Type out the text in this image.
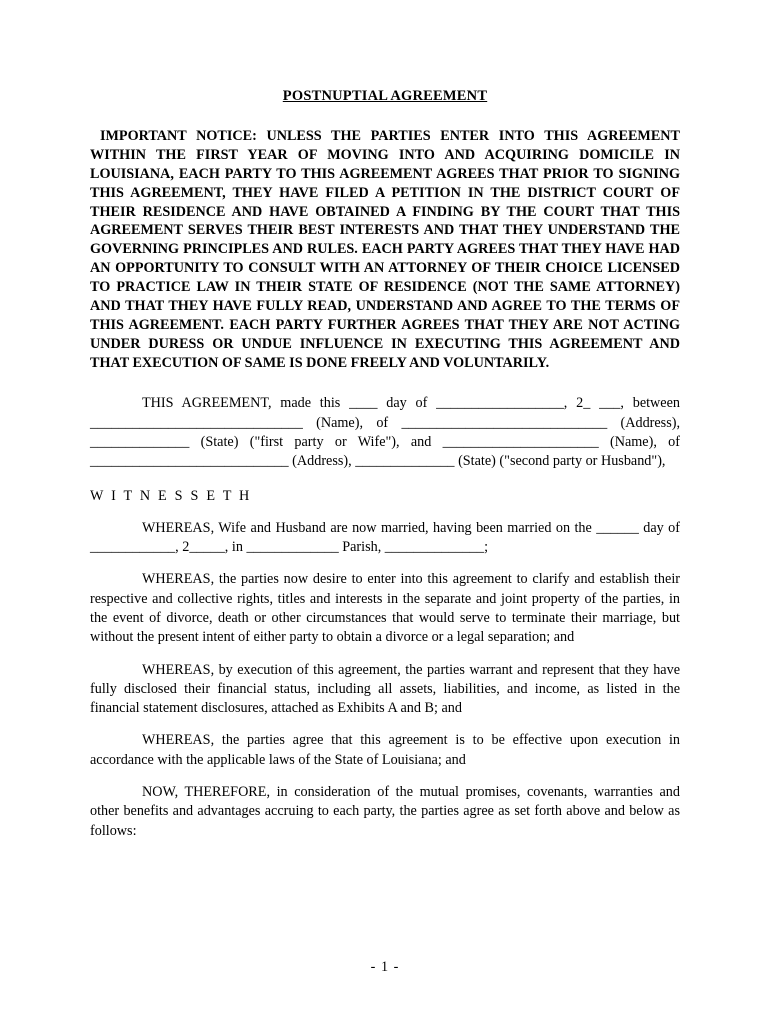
POSTNUPTIAL AGREEMENT

IMPORTANT NOTICE: UNLESS THE PARTIES ENTER INTO THIS AGREEMENT WITHIN THE FIRST YEAR OF MOVING INTO AND ACQUIRING DOMICILE IN LOUISIANA, EACH PARTY TO THIS AGREEMENT AGREES THAT PRIOR TO SIGNING THIS AGREEMENT, THEY HAVE FILED A PETITION IN THE DISTRICT COURT OF THEIR RESIDENCE AND HAVE OBTAINED A FINDING BY THE COURT THAT THIS AGREEMENT SERVES THEIR BEST INTERESTS AND THAT THEY UNDERSTAND THE GOVERNING PRINCIPLES AND RULES. EACH PARTY AGREES THAT THEY HAVE HAD AN OPPORTUNITY TO CONSULT WITH AN ATTORNEY OF THEIR CHOICE LICENSED TO PRACTICE LAW IN THEIR STATE OF RESIDENCE (NOT THE SAME ATTORNEY) AND THAT THEY HAVE FULLY READ, UNDERSTAND AND AGREE TO THE TERMS OF THIS AGREEMENT. EACH PARTY FURTHER AGREES THAT THEY ARE NOT ACTING UNDER DURESS OR UNDUE INFLUENCE IN EXECUTING THIS AGREEMENT AND THAT EXECUTION OF SAME IS DONE FREELY AND VOLUNTARILY.

THIS AGREEMENT, made this ____ day of __________________, 2_ ___, between ______________________________ (Name), of _____________________________ (Address), ______________ (State) ("first party or Wife"), and ______________________ (Name), of ____________________________ (Address), ______________ (State) ("second party or Husband"),

W I T N E S S E T H

WHEREAS, Wife and Husband are now married, having been married on the ______ day of ____________, 2_____, in _____________ Parish, ______________;

WHEREAS, the parties now desire to enter into this agreement to clarify and establish their respective and collective rights, titles and interests in the separate and joint property of the parties, in the event of divorce, death or other circumstances that would serve to terminate their marriage, but without the present intent of either party to obtain a divorce or a legal separation; and

WHEREAS, by execution of this agreement, the parties warrant and represent that they have fully disclosed their financial status, including all assets, liabilities, and income, as listed in the financial statement disclosures, attached as Exhibits A and B; and

WHEREAS, the parties agree that this agreement is to be effective upon execution in accordance with the applicable laws of the State of Louisiana; and

NOW, THEREFORE, in consideration of the mutual promises, covenants, warranties and other benefits and advantages accruing to each party, the parties agree as set forth above and below as follows:

- 1 -
